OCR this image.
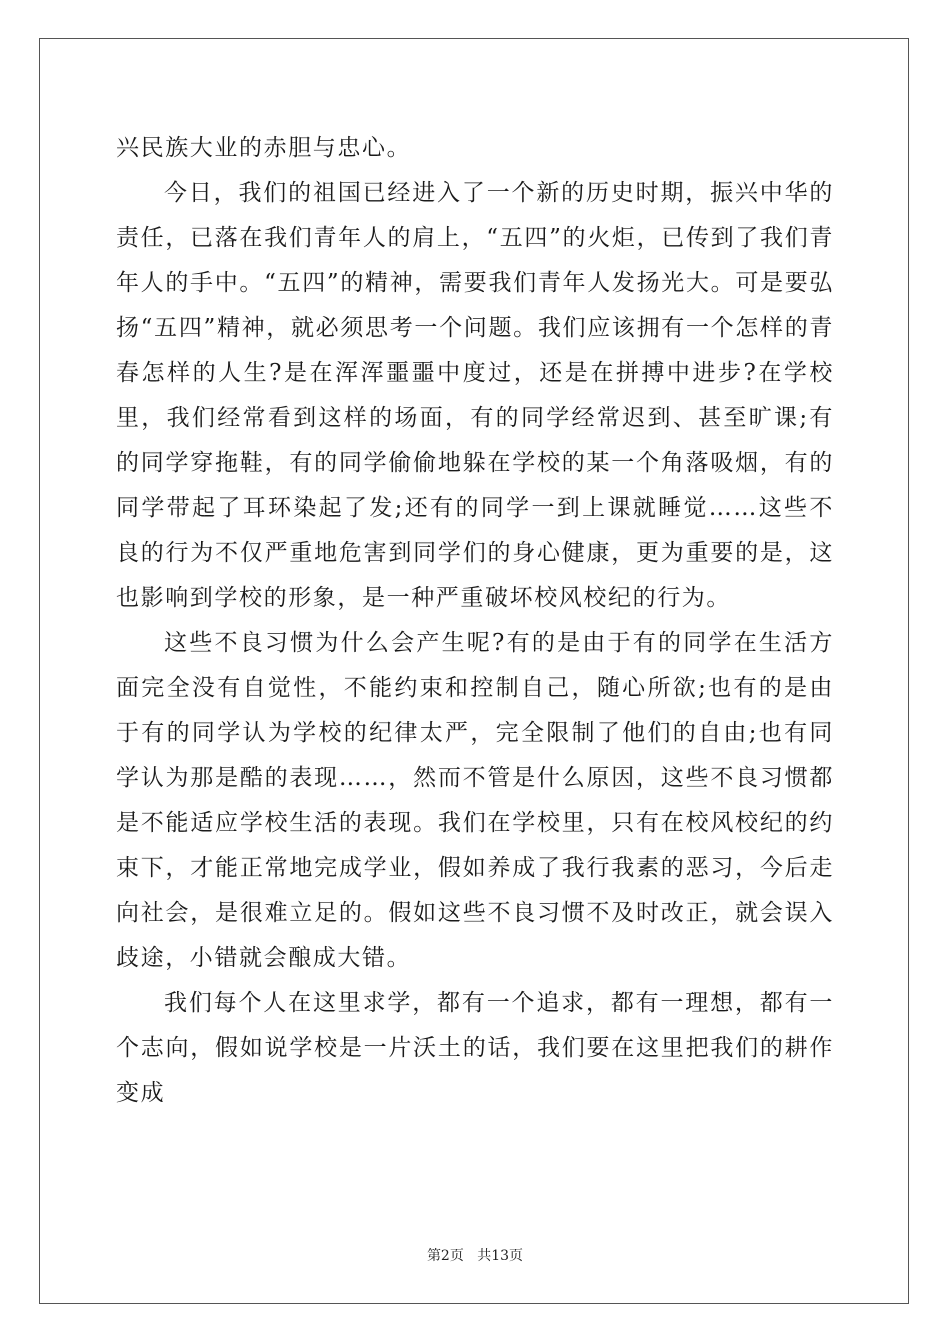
兴民族大业的赤胆与忠心。

今日，我们的祖国已经进入了一个新的历史时期，振兴中华的责任，已落在我们青年人的肩上，“五四”的火炬，已传到了我们青年人的手中。“五四”的精神，需要我们青年人发扬光大。可是要弘扬“五四”精神，就必须思考一个问题。我们应该拥有一个怎样的青春怎样的人生?是在浑浑噩噩中度过，还是在拼搏中进步?在学校里，我们经常看到这样的场面，有的同学经常迟到、甚至旷课;有的同学穿拖鞋，有的同学偷偷地躲在学校的某一个角落吸烟，有的同学带起了耳环染起了发;还有的同学一到上课就睡觉……这些不良的行为不仅严重地危害到同学们的身心健康，更为重要的是，这也影响到学校的形象，是一种严重破坏校风校纪的行为。

这些不良习惯为什么会产生呢?有的是由于有的同学在生活方面完全没有自觉性，不能约束和控制自己，随心所欲;也有的是由于有的同学认为学校的纪律太严，完全限制了他们的自由;也有同学认为那是酷的表现……，然而不管是什么原因，这些不良习惯都是不能适应学校生活的表现。我们在学校里，只有在校风校纪的约束下，才能正常地完成学业，假如养成了我行我素的恶习，今后走向社会，是很难立足的。假如这些不良习惯不及时改正，就会误入歧途，小错就会酿成大错。

我们每个人在这里求学，都有一个追求，都有一理想，都有一个志向，假如说学校是一片沃土的话，我们要在这里把我们的耕作变成

第2页 共13页
